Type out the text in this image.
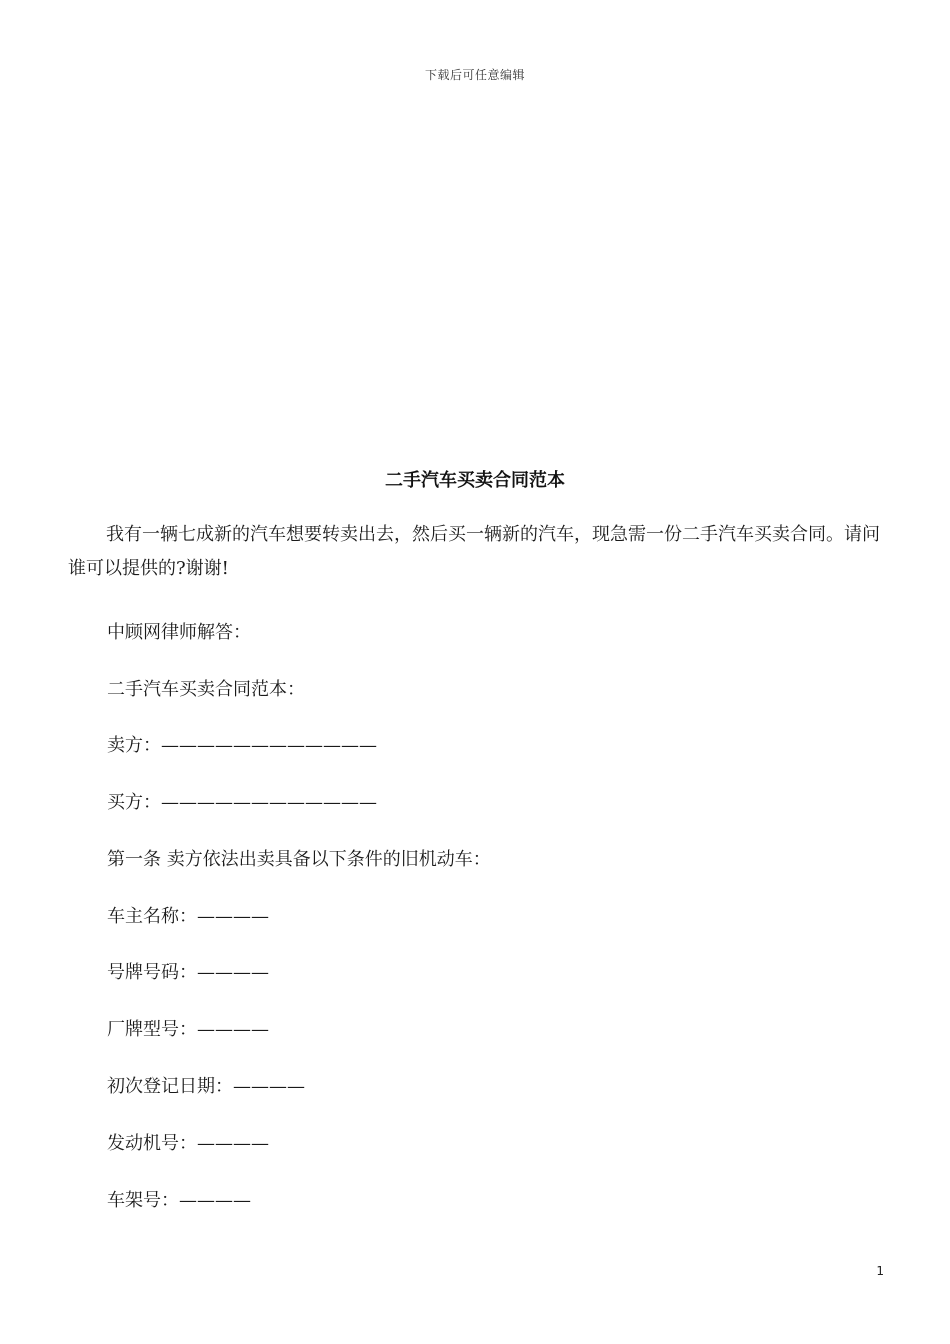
下载后可任意编辑
二手汽车买卖合同范本
我有一辆七成新的汽车想要转卖出去，然后买一辆新的汽车，现急需一份二手汽车买卖合同。请问谁可以提供的?谢谢!
中顾网律师解答：
二手汽车买卖合同范本：
卖方：————————————
买方：————————————
第一条 卖方依法出卖具备以下条件的旧机动车：
车主名称：————
号牌号码：————
厂牌型号：————
初次登记日期：————
发动机号：————
车架号：————
1
